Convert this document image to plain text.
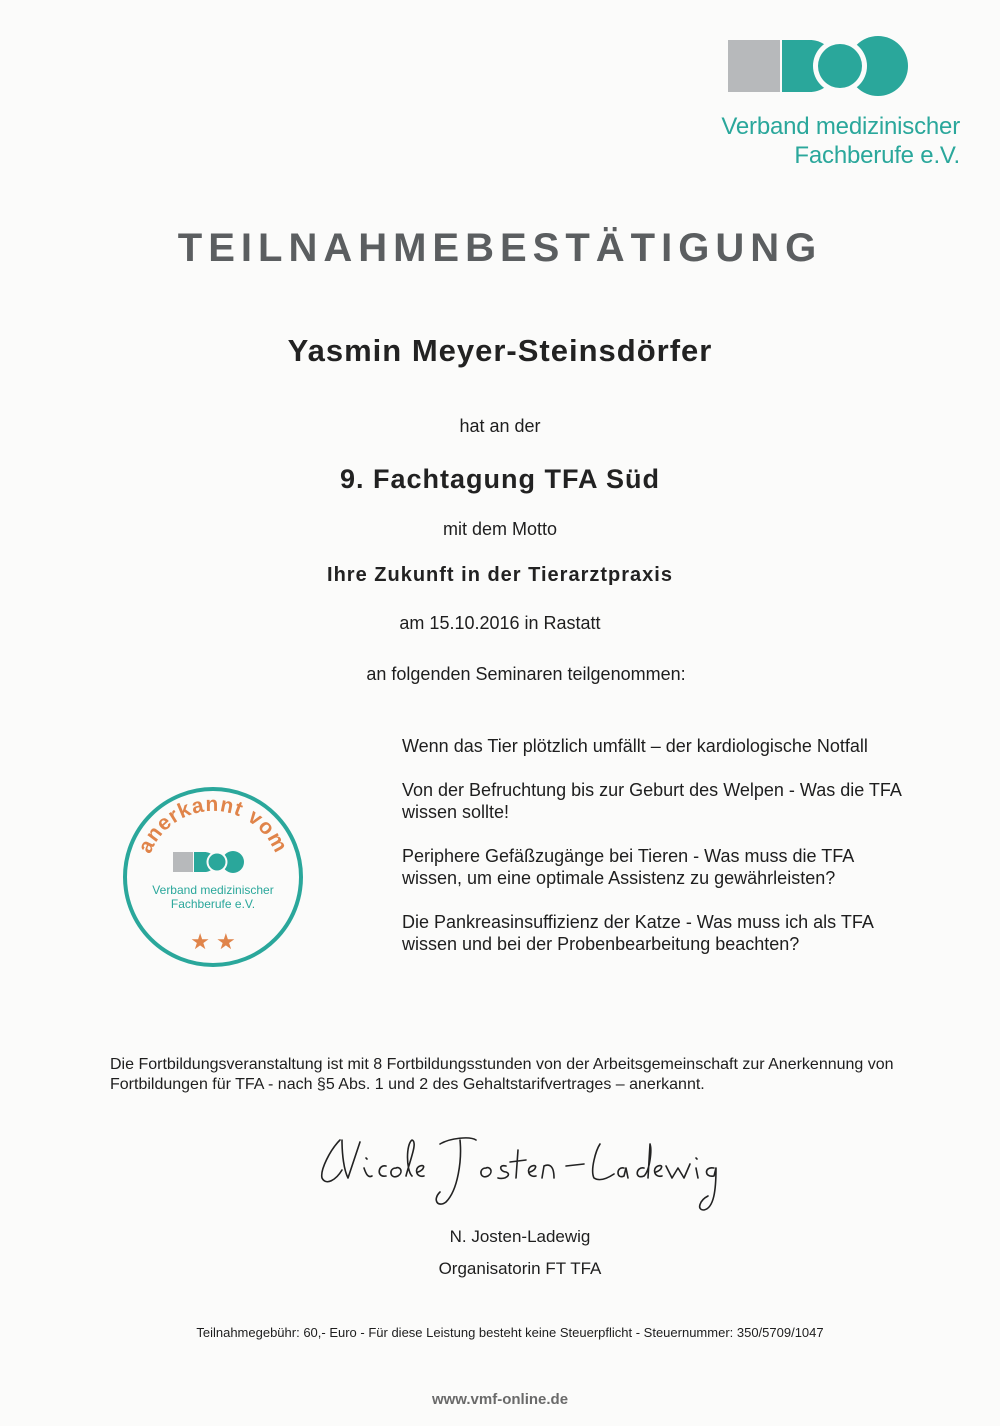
Verband medizinischer
Fachberufe e.V.
TEILNAHMEBESTÄTIGUNG
Yasmin Meyer-Steinsdörfer
hat an der
9. Fachtagung TFA Süd
mit dem Motto
Ihre Zukunft in der Tierarztpraxis
am 15.10.2016 in Rastatt
an folgenden Seminaren teilgenommen:
Wenn das Tier plötzlich umfällt – der kardiologische Notfall
Von der Befruchtung bis zur Geburt des Welpen - Was die TFA wissen sollte!
Periphere Gefäßzugänge bei Tieren - Was muss die TFA wissen, um eine optimale Assistenz zu gewährleisten?
Die Pankreasinsuffizienz der Katze - Was muss ich als TFA wissen und bei der Probenbearbeitung beachten?
anerkannt vom
★ ★
Verband medizinischer
Fachberufe e.V.
Die Fortbildungsveranstaltung ist mit 8 Fortbildungsstunden von der Arbeitsgemeinschaft zur Anerkennung von Fortbildungen für TFA - nach §5 Abs. 1 und 2 des Gehaltstarifvertrages – anerkannt.
N. Josten-Ladewig
Organisatorin FT TFA
Teilnahmegebühr: 60,- Euro - Für diese Leistung besteht keine Steuerpflicht - Steuernummer: 350/5709/1047
www.vmf-online.de
